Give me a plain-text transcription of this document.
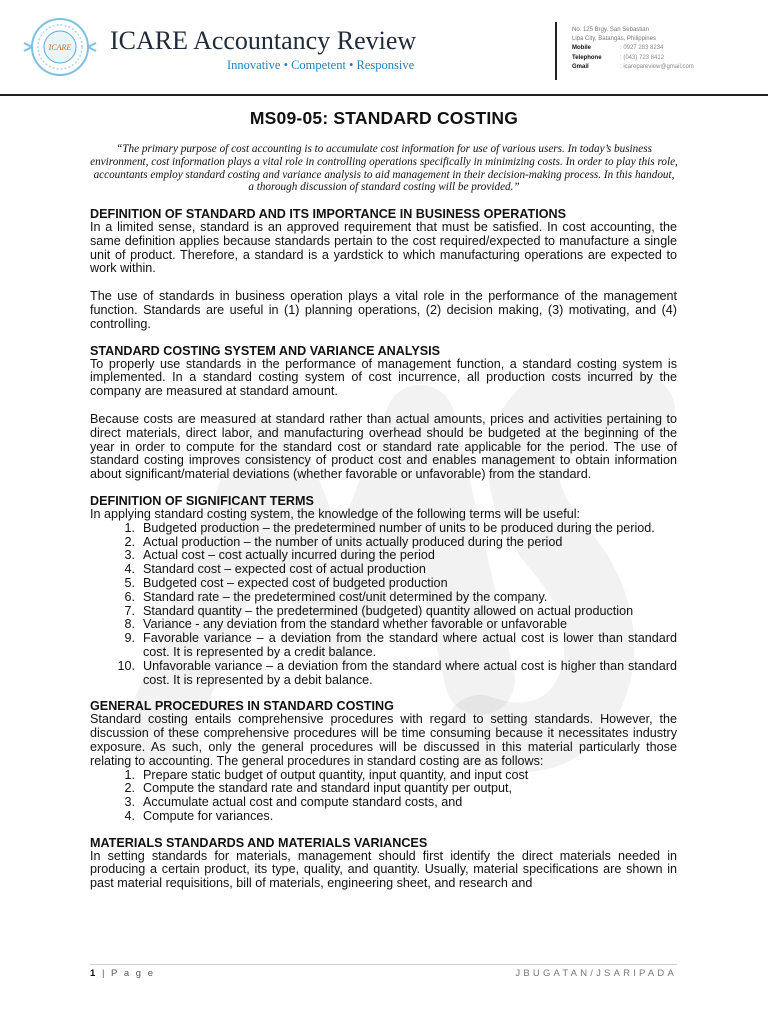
ICARE ICARE Accountancy Review
Innovative • Competent • Responsive
No. 125 Brgy. San Sebastian
Lipa City, Batangas, Philippines
Mobile	: 0927 283 8234
Telephone	: (043) 723 8412
Gmail	: icarepareview@gmail.com
MS09-05: STANDARD COSTING
“The primary purpose of cost accounting is to accumulate cost information for use of various users. In today’s business environment, cost information plays a vital role in controlling operations specifically in minimizing costs. In order to play this role, accountants employ standard costing and variance analysis to aid management in their decision-making process. In this handout, a thorough discussion of standard costing will be provided.”
DEFINITION OF STANDARD AND ITS IMPORTANCE IN BUSINESS OPERATIONS

In a limited sense, standard is an approved requirement that must be satisfied. In cost accounting, the same definition applies because standards pertain to the cost required/expected to manufacture a single unit of product. Therefore, a standard is a yardstick to which manufacturing operations are expected to work within.

The use of standards in business operation plays a vital role in the performance of the management function. Standards are useful in (1) planning operations, (2) decision making, (3) motivating, and (4) controlling.

STANDARD COSTING SYSTEM AND VARIANCE ANALYSIS

To properly use standards in the performance of management function, a standard costing system is implemented. In a standard costing system of cost incurrence, all production costs incurred by the company are measured at standard amount.

Because costs are measured at standard rather than actual amounts, prices and activities pertaining to direct materials, direct labor, and manufacturing overhead should be budgeted at the beginning of the year in order to compute for the standard cost or standard rate applicable for the period. The use of standard costing improves consistency of product cost and enables management to obtain information about significant/material deviations (whether favorable or unfavorable) from the standard.

DEFINITION OF SIGNIFICANT TERMS

In applying standard costing system, the knowledge of the following terms will be useful:

1. Budgeted production – the predetermined number of units to be produced during the period.
2. Actual production – the number of units actually produced during the period
3. Actual cost – cost actually incurred during the period
4. Standard cost – expected cost of actual production
5. Budgeted cost – expected cost of budgeted production
6. Standard rate – the predetermined cost/unit determined by the company.
7. Standard quantity – the predetermined (budgeted) quantity allowed on actual production
8. Variance - any deviation from the standard whether favorable or unfavorable
9. Favorable variance – a deviation from the standard where actual cost is lower than standard cost. It is represented by a credit balance.
10. Unfavorable variance – a deviation from the standard where actual cost is higher than standard cost. It is represented by a debit balance.
GENERAL PROCEDURES IN STANDARD COSTING

Standard costing entails comprehensive procedures with regard to setting standards. However, the discussion of these comprehensive procedures will be time consuming because it necessitates industry exposure. As such, only the general procedures will be discussed in this material particularly those relating to accounting. The general procedures in standard costing are as follows:

1. Prepare static budget of output quantity, input quantity, and input cost
2. Compute the standard rate and standard input quantity per output,
3. Accumulate actual cost and compute standard costs, and
4. Compute for variances.
MATERIALS STANDARDS AND MATERIALS VARIANCES

In setting standards for materials, management should first identify the direct materials needed in producing a certain product, its type, quality, and quantity. Usually, material specifications are shown in past material requisitions, bill of materials, engineering sheet, and research and

1 | P a g e	JBUGATAN/JSARIPADA
